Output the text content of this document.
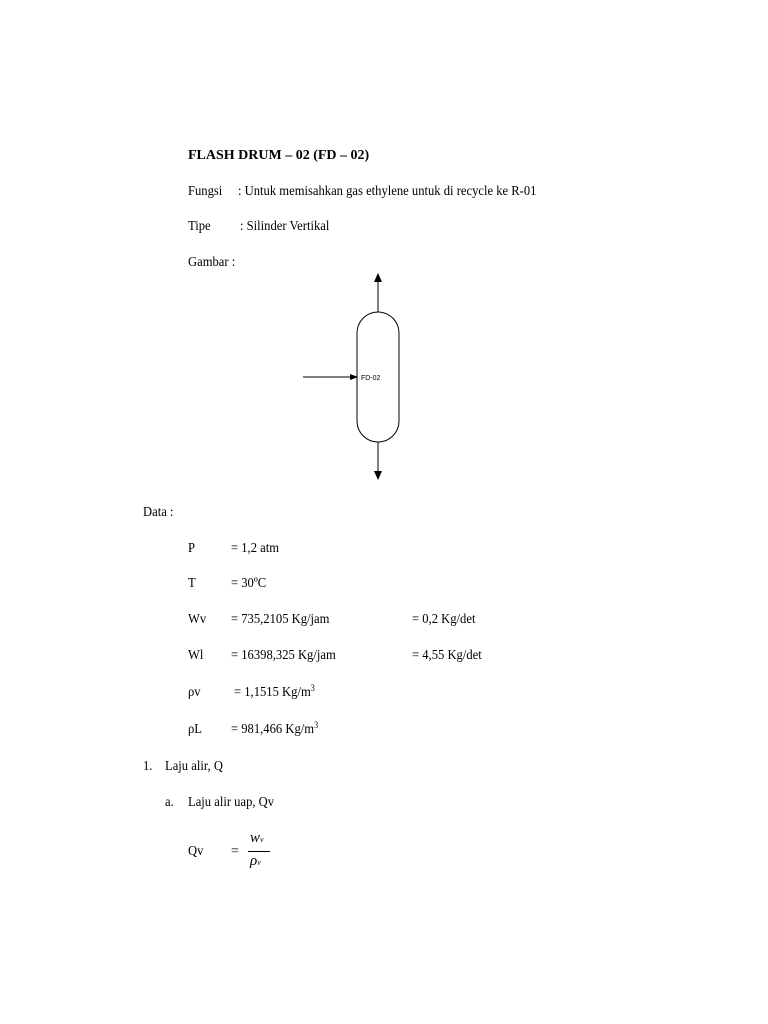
FLASH DRUM – 02 (FD – 02)
Fungsi : Untuk memisahkan gas ethylene untuk di recycle ke R-01
Tipe : Silinder Vertikal
Gambar :
FD-02
Data :
P	= 1,2 atm
T	= 30ºC
Wv = 735,2105 Kg/jam	= 0,2 Kg/det
Wl = 16398,325 Kg/jam	= 4,55 Kg/det
ρv = 1,1515 $Kg/m^3$
ρL = 981,466 $Kg/m^3$
1. Laju alir, Q
a. Laju alir uap, Qv
Qv =
wv
ρv
